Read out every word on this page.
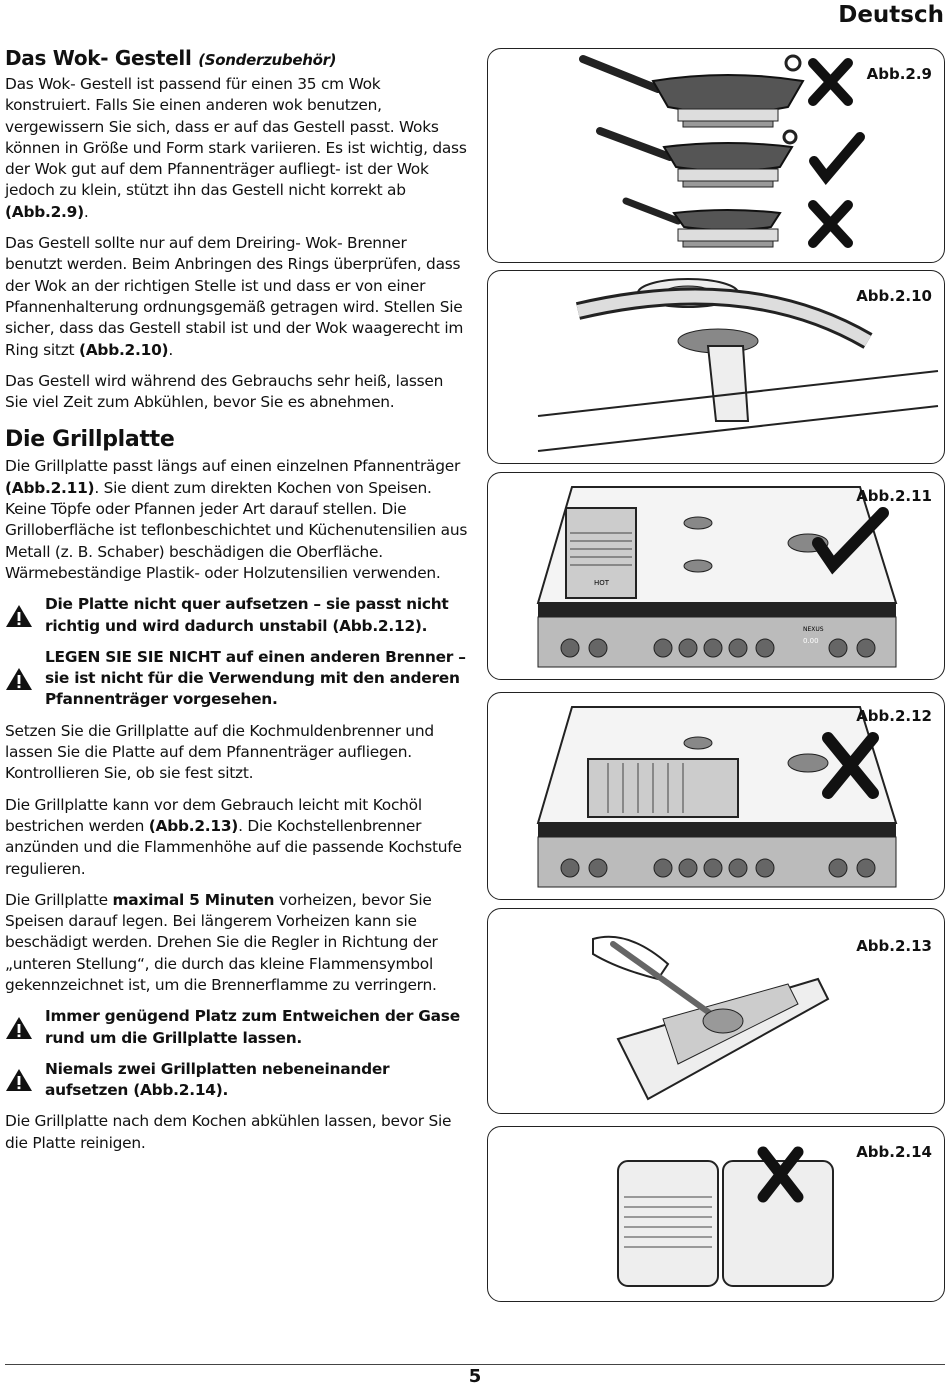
Deutsch
Das Wok- Gestell (Sonderzubehör)

Das Wok- Gestell ist passend für einen 35 cm Wok konstruiert. Falls Sie einen anderen wok benutzen, vergewissern Sie sich, dass er auf das Gestell passt. Woks können in Größe und Form stark variieren. Es ist wichtig, dass der Wok gut auf dem Pfannenträger aufliegt- ist der Wok jedoch zu klein, stützt ihn das Gestell nicht korrekt ab (Abb.2.9).

Das Gestell sollte nur auf dem Dreiring- Wok- Brenner benutzt werden. Beim Anbringen des Rings überprüfen, dass der Wok an der richtigen Stelle ist und dass er von einer Pfannenhalterung ordnungsgemäß getragen wird. Stellen Sie sicher, dass das Gestell stabil ist und der Wok waagerecht im Ring sitzt (Abb.2.10).

Das Gestell wird während des Gebrauchs sehr heiß, lassen Sie viel Zeit zum Abkühlen, bevor Sie es abnehmen.

Die Grillplatte

Die Grillplatte passt längs auf einen einzelnen Pfannenträger (Abb.2.11). Sie dient zum direkten Kochen von Speisen. Keine Töpfe oder Pfannen jeder Art darauf stellen. Die Grilloberfläche ist teflonbeschichtet und Küchenutensilien aus Metall (z. B. Schaber) beschädigen die Oberfläche. Wärmebeständige Plastik- oder Holzutensilien verwenden.

Die Platte nicht quer aufsetzen – sie passt nicht richtig und wird dadurch unstabil (Abb.2.12).
LEGEN SIE SIE NICHT auf einen anderen Brenner – sie ist nicht für die Verwendung mit den anderen Pfannenträger vorgesehen.

Setzen Sie die Grillplatte auf die Kochmuldenbrenner und lassen Sie die Platte auf dem Pfannenträger aufliegen. Kontrollieren Sie, ob sie fest sitzt.

Die Grillplatte kann vor dem Gebrauch leicht mit Kochöl bestrichen werden (Abb.2.13). Die Kochstellenbrenner anzünden und die Flammenhöhe auf die passende Kochstufe regulieren.

Die Grillplatte maximal 5 Minuten vorheizen, bevor Sie Speisen darauf legen. Bei längerem Vorheizen kann sie beschädigt werden. Drehen Sie die Regler in Richtung der „unteren Stellung“, die durch das kleine Flammensymbol gekennzeichnet ist, um die Brennerflamme zu verringern.

Immer genügend Platz zum Entweichen der Gase rund um die Grillplatte lassen.
Niemals zwei Grillplatten nebeneinander aufsetzen (Abb.2.14).

Die Grillplatte nach dem Kochen abkühlen lassen, bevor Sie die Platte reinigen.

Abb.2.9
Abb.2.10
HOT
NEXUS
0.00
Abb.2.11
Abb.2.12
Abb.2.13
Abb.2.14
5
